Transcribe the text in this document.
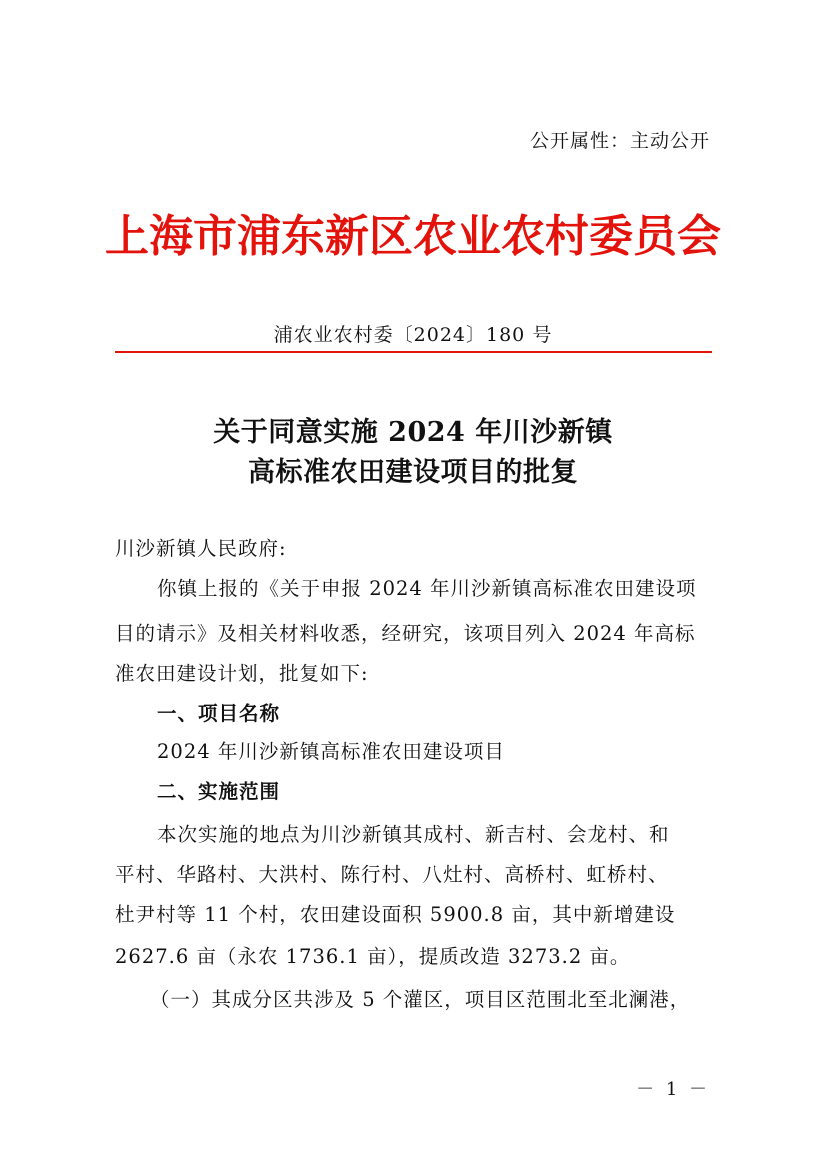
公开属性：主动公开
上海市浦东新区农业农村委员会
浦农业农村委〔2024〕180 号
关于同意实施 2024 年川沙新镇
高标准农田建设项目的批复
川沙新镇人民政府:
你镇上报的《关于申报 2024 年川沙新镇高标准农田建设项
目的请示》及相关材料收悉，经研究，该项目列入 2024 年高标
准农田建设计划，批复如下:
一、项目名称
2024 年川沙新镇高标准农田建设项目
二、实施范围
本次实施的地点为川沙新镇其成村、新吉村、会龙村、和
平村、华路村、大洪村、陈行村、八灶村、高桥村、虹桥村、
杜尹村等 11 个村，农田建设面积 5900.8 亩，其中新增建设
2627.6 亩（永农 1736.1 亩），提质改造 3273.2 亩。
（一）其成分区共涉及 5 个灌区，项目区范围北至北澜港，
－ 1 －
